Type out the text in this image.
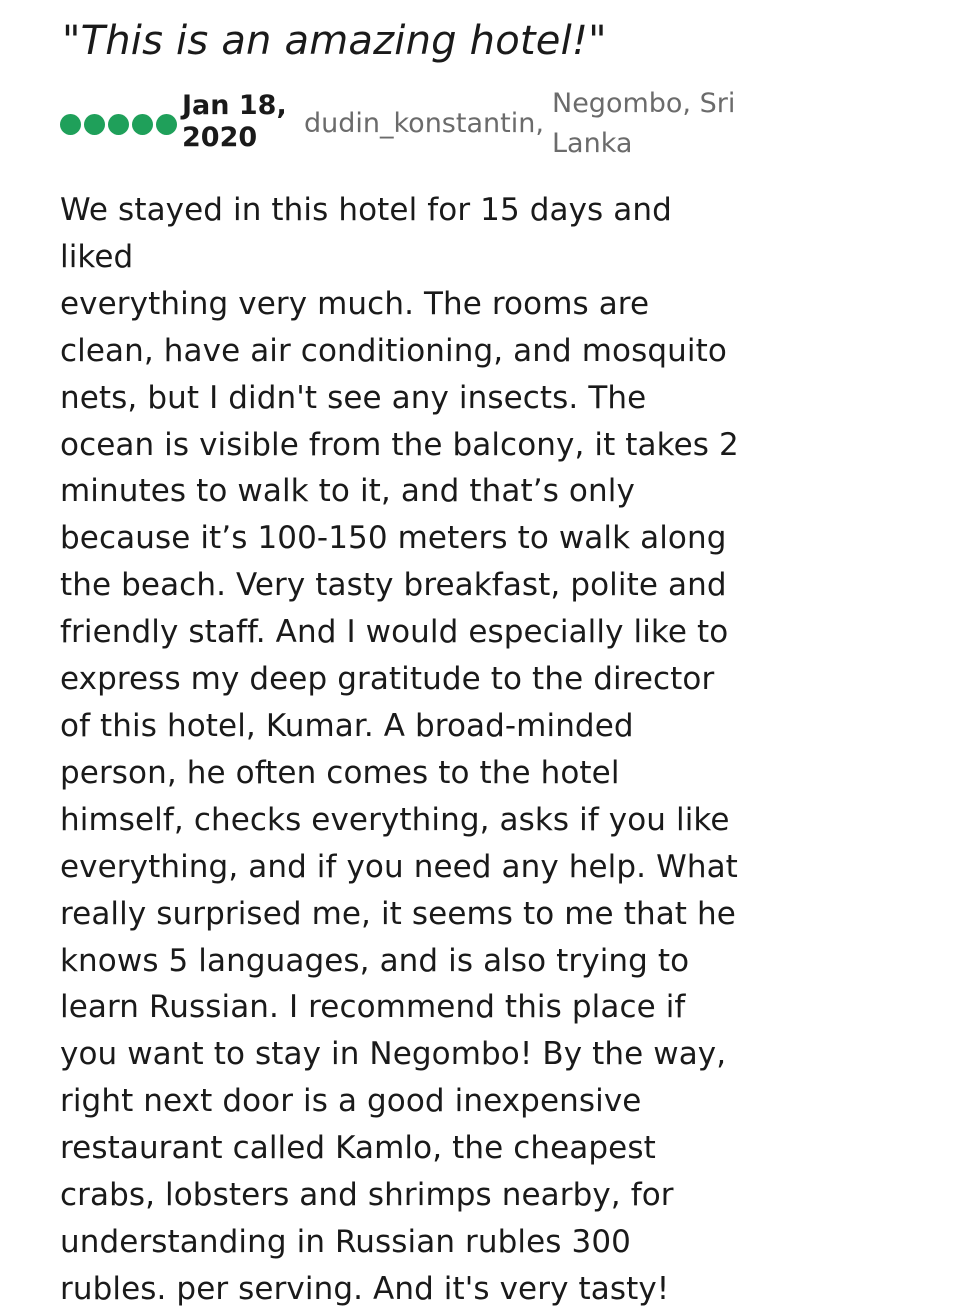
"This is an amazing hotel!"
Jan 18, 2020	dudin_konstantin,
Negombo, Sri Lanka

We stayed in this hotel for 15 days and liked
everything very much. The rooms are
clean, have air conditioning, and mosquito
nets, but I didn't see any insects. The
ocean is visible from the balcony, it takes 2
minutes to walk to it, and that’s only
because it’s 100-150 meters to walk along
the beach. Very tasty breakfast, polite and
friendly staff. And I would especially like to
express my deep gratitude to the director
of this hotel, Kumar. A broad-minded
person, he often comes to the hotel
himself, checks everything, asks if you like
everything, and if you need any help. What
really surprised me, it seems to me that he
knows 5 languages, and is also trying to
learn Russian. I recommend this place if
you want to stay in Negombo! By the way,
right next door is a good inexpensive
restaurant called Kamlo, the cheapest
crabs, lobsters and shrimps nearby, for
understanding in Russian rubles 300
rubles. per serving. And it's very tasty!
